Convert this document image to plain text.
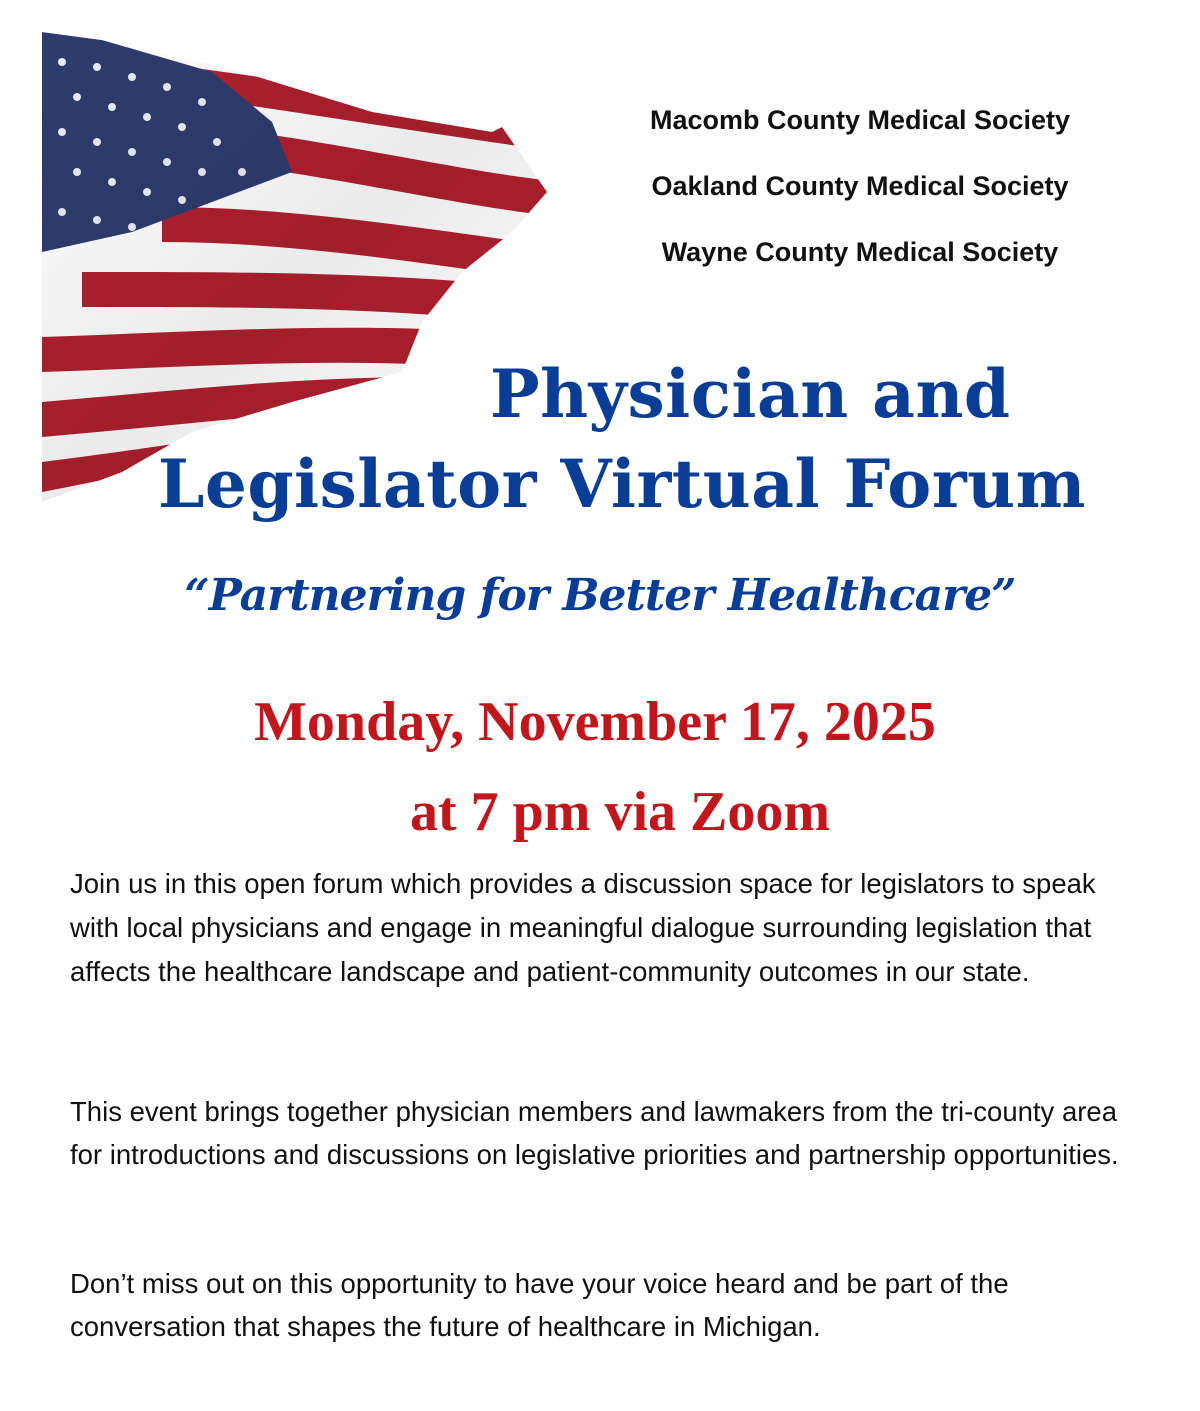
Macomb County Medical Society
Oakland County Medical Society
Wayne County Medical Society
Physician and
Legislator Virtual Forum
“Partnering for Better Healthcare”
Monday, November 17, 2025
at 7 pm via Zoom

Join us in this open forum which provides a discussion space for legislators to speak with local physicians and engage in meaningful dialogue surrounding legislation that affects the healthcare landscape and patient-community outcomes in our state.

This event brings together physician members and lawmakers from the tri-county area for introductions and discussions on legislative priorities and partnership opportunities.

Don’t miss out on this opportunity to have your voice heard and be part of the conversation that shapes the future of healthcare in Michigan.
